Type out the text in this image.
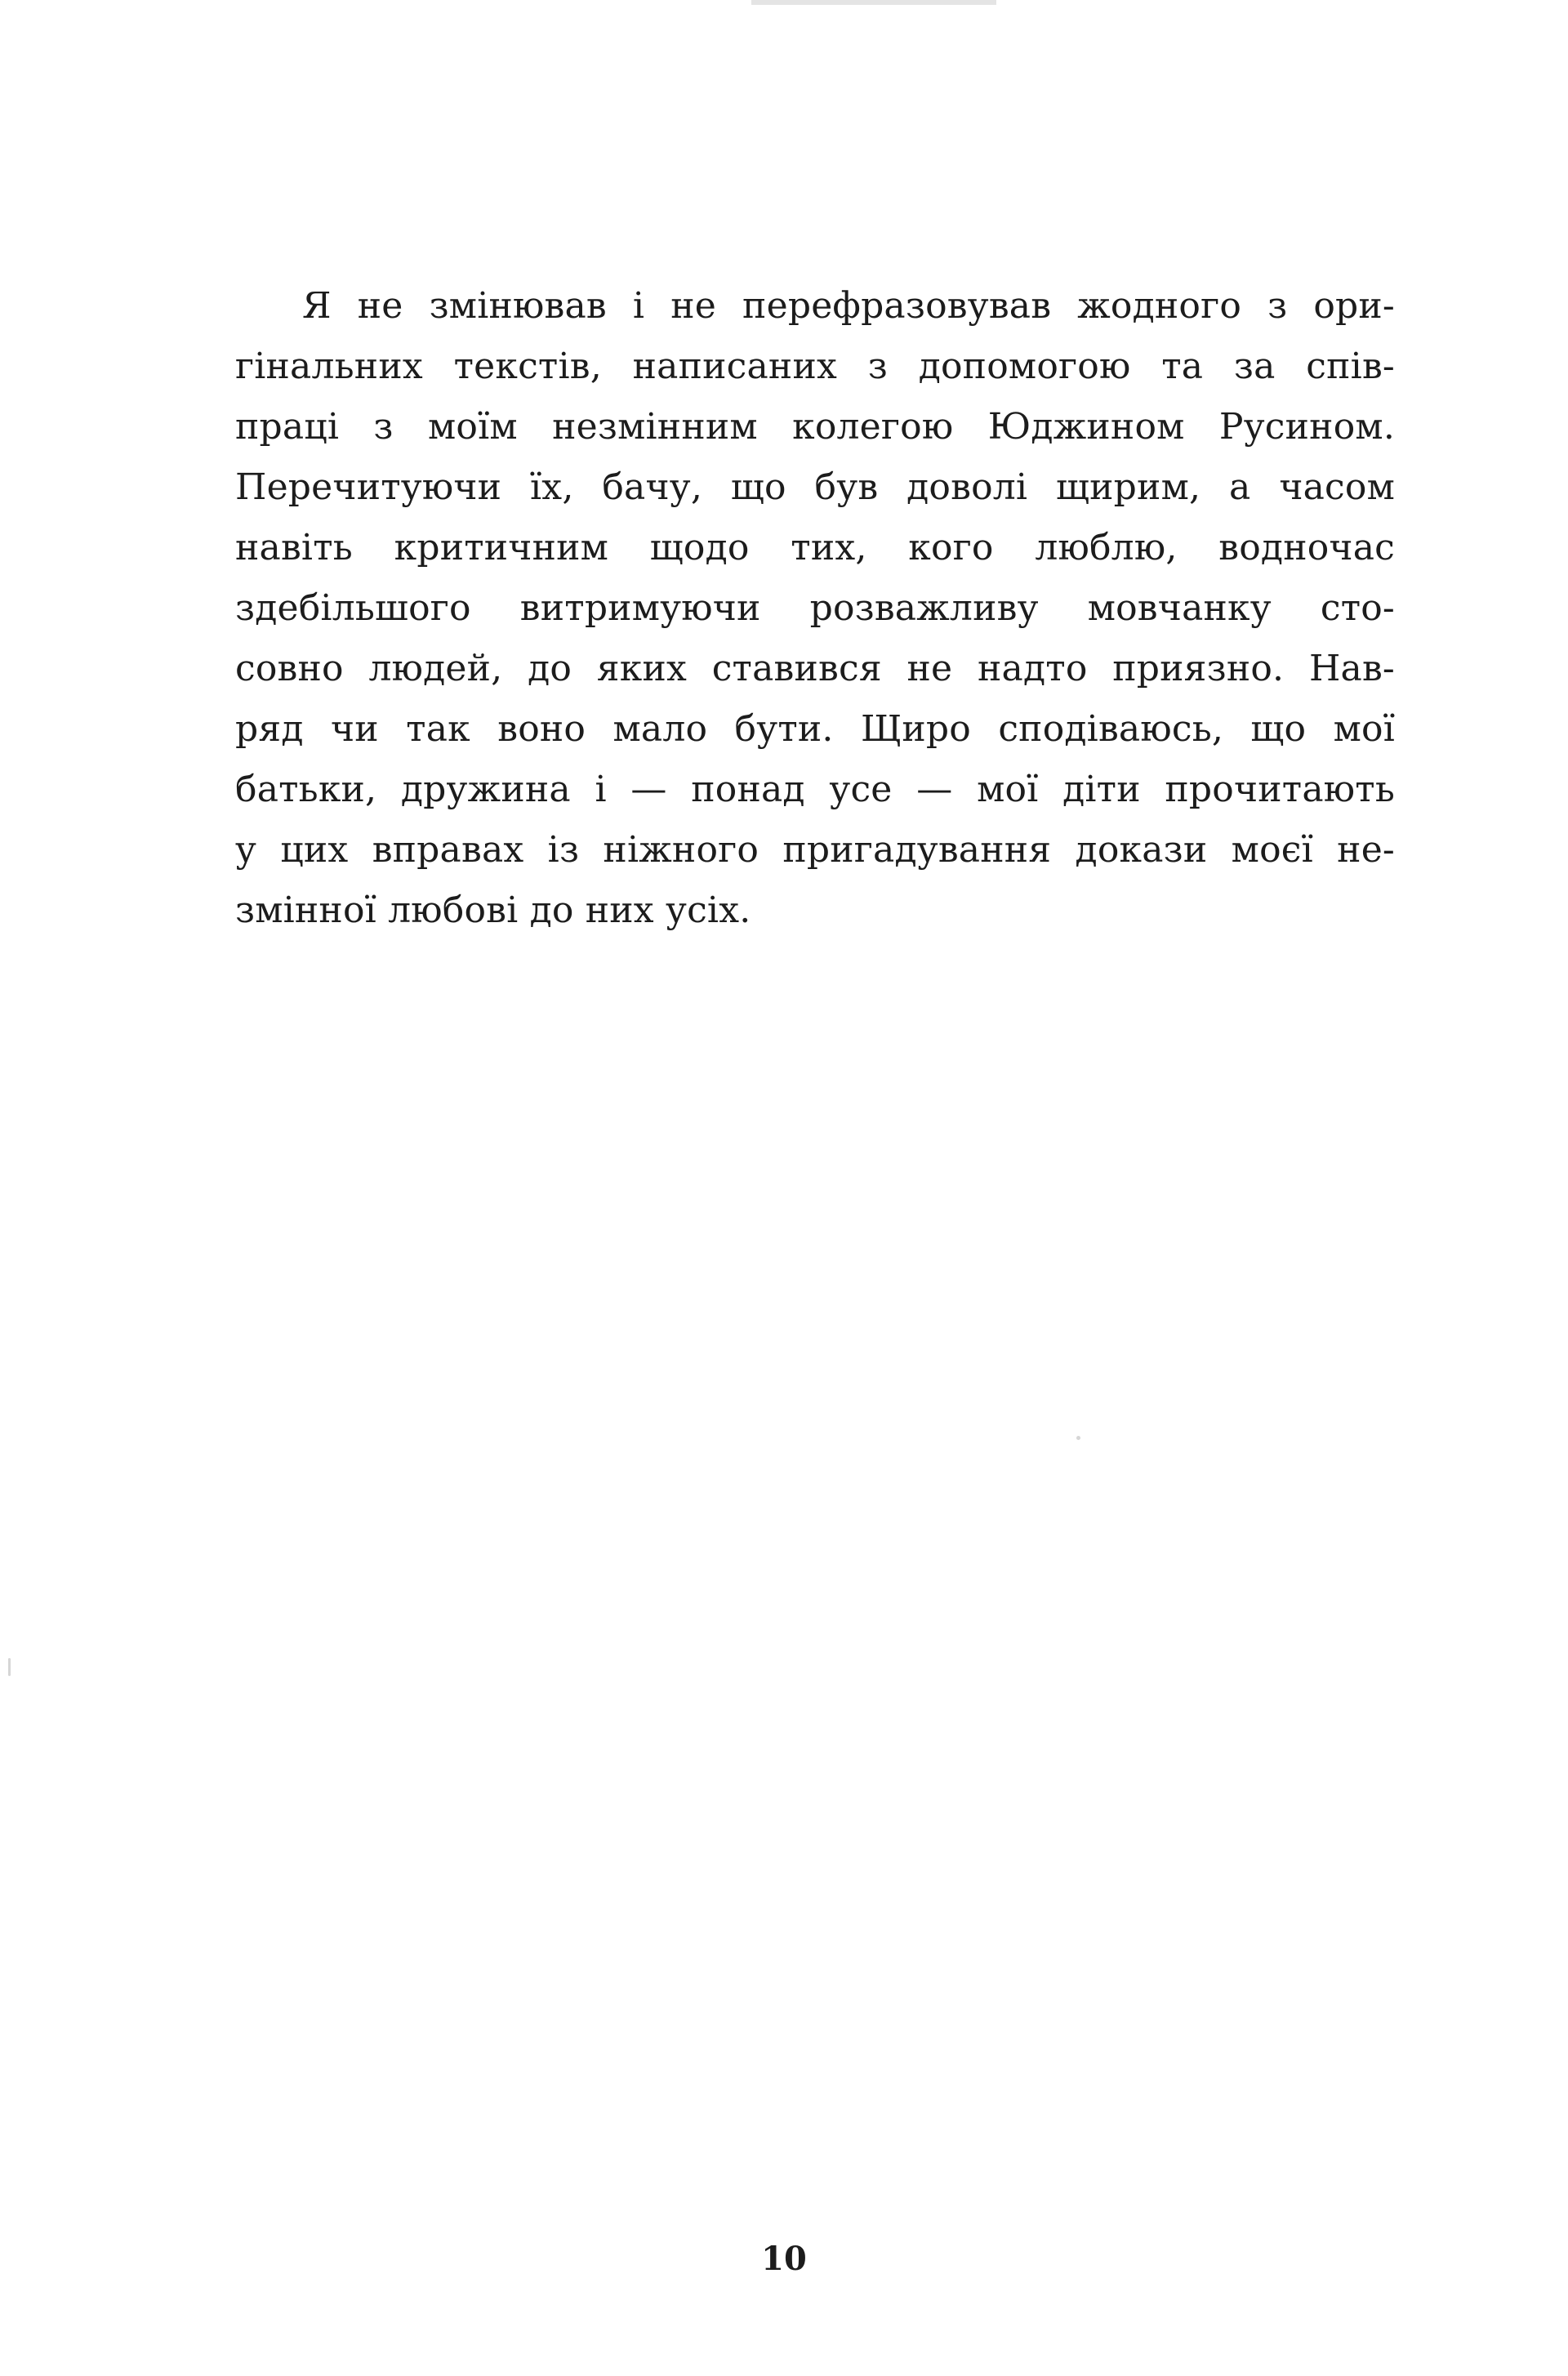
Я не змінював і не перефразовував жодного з ори-
гінальних текстів, написаних з допомогою та за спів-
праці з моїм незмінним колегою Юджином Русином.
Перечитуючи їх, бачу, що був доволі щирим, а часом
навіть критичним щодо тих, кого люблю, водночас
здебільшого витримуючи розважливу мовчанку сто-
совно людей, до яких ставився не надто приязно. Нав-
ряд чи так воно мало бути. Щиро сподіваюсь, що мої
батьки, дружина і — понад усе — мої діти прочитають
у цих вправах із ніжного пригадування докази моєї не-
змінної любові до них усіх.
10
